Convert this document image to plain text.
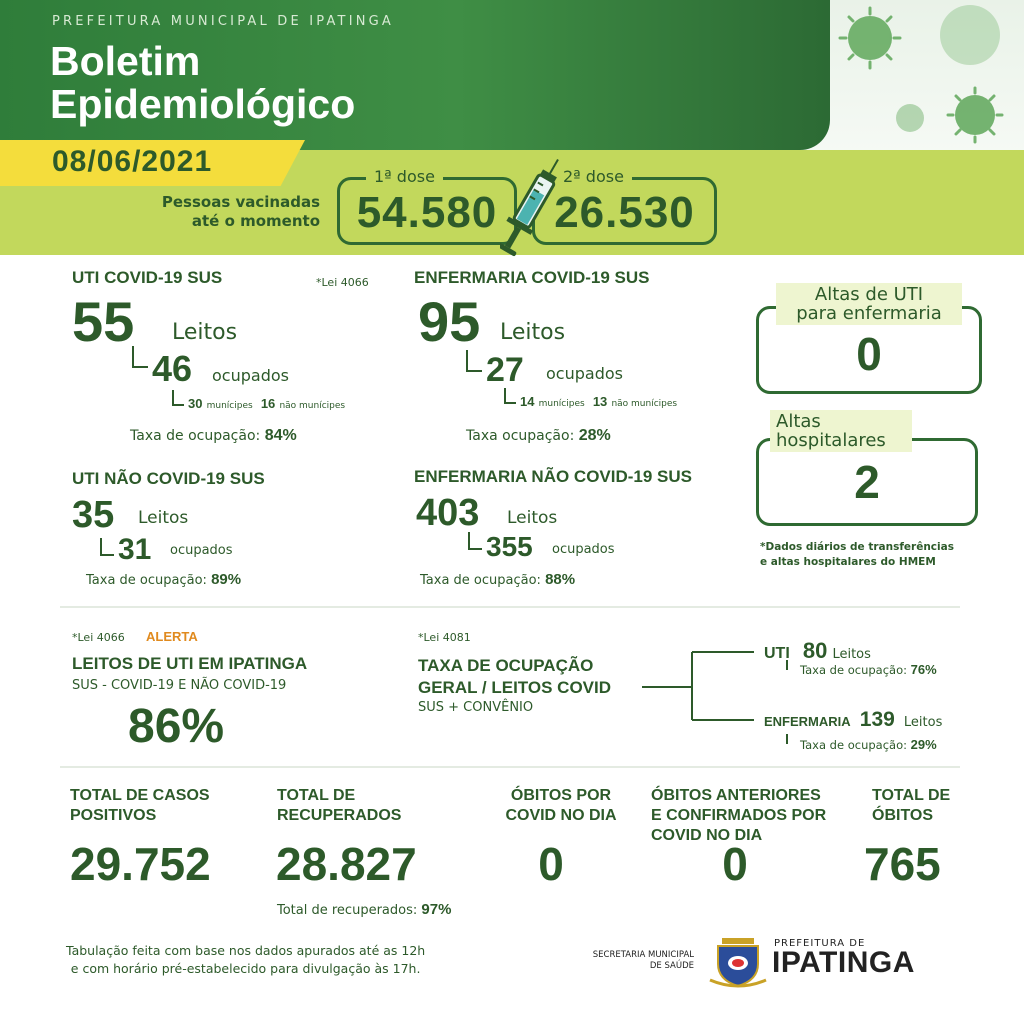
PREFEITURA MUNICIPAL DE IPATINGA
Boletim
Epidemiológico
08/06/2021
Pessoas vacinadas
até o momento
1ª dose
54.580
2ª dose
26.530
UTI COVID-19 SUS	*Lei 4066
55 Leitos
46 ocupados
30 munícipes 16 não munícipes
Taxa de ocupação: 84%
ENFERMARIA COVID-19 SUS
95 Leitos
27 ocupados
14 munícipes 13 não munícipes
Taxa ocupação: 28%
0
Altas de UTI
para enfermaria
2
Altas
hospitalares
*Dados diários de transferências
e altas hospitalares do HMEM
UTI NÃO COVID-19 SUS
35 Leitos
31 ocupados
Taxa de ocupação: 89%
ENFERMARIA NÃO COVID-19 SUS
403 Leitos
355 ocupados
Taxa de ocupação: 88%
*Lei 4066 ALERTA
LEITOS DE UTI EM IPATINGA
SUS - COVID-19 E NÃO COVID-19
86%
*Lei 4081
TAXA DE OCUPAÇÃO
GERAL / LEITOS COVID
SUS + CONVÊNIO
UTI 80 Leitos
Taxa de ocupação: 76%
ENFERMARIA 139 Leitos
Taxa de ocupação: 29%
TOTAL DE CASOS
POSITIVOS
29.752
TOTAL DE
RECUPERADOS
28.827
Total de recuperados: 97%
ÓBITOS POR
COVID NO DIA
0
ÓBITOS ANTERIORES
E CONFIRMADOS POR
COVID NO DIA
0
TOTAL DE
ÓBITOS
765
Tabulação feita com base nos dados apurados até as 12h
e com horário pré-estabelecido para divulgação às 17h.
SECRETARIA MUNICIPAL
DE SAÚDE
PREFEITURA DE
IPATINGA
